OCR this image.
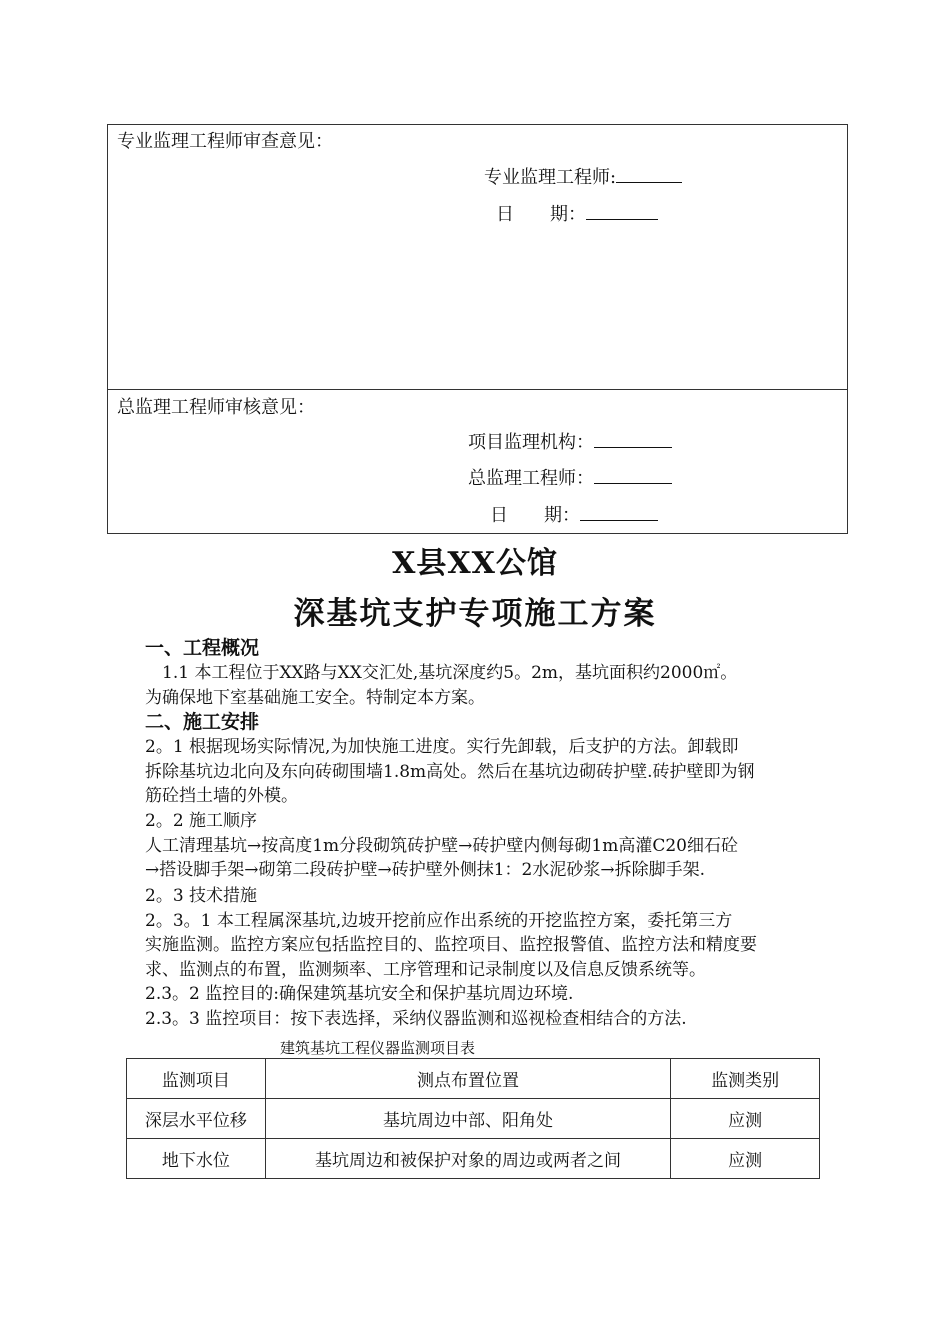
专业监理工程师审查意见：
专业监理工程师:
日　　期：
总监理工程师审核意见：
项目监理机构：
总监理工程师：
日　　期：
X县XX公馆
深基坑支护专项施工方案
一、工程概况
　1.1 本工程位于XX路与XX交汇处,基坑深度约5。2m，基坑面积约2000㎡。
为确保地下室基础施工安全。特制定本方案。
二、施工安排
2。1 根据现场实际情况,为加快施工进度。实行先卸载，后支护的方法。卸载即
拆除基坑边北向及东向砖砌围墙1.8m高处。然后在基坑边砌砖护壁.砖护壁即为钢
筋砼挡土墙的外模。
2。2 施工顺序
人工清理基坑→按高度1m分段砌筑砖护壁→砖护壁内侧每砌1m高灌C20细石砼
→搭设脚手架→砌第二段砖护壁→砖护壁外侧抹1：2水泥砂浆→拆除脚手架.
2。3 技术措施
2。3。1 本工程属深基坑,边坡开挖前应作出系统的开挖监控方案，委托第三方
实施监测。监控方案应包括监控目的、监控项目、监控报警值、监控方法和精度要
求、监测点的布置，监测频率、工序管理和记录制度以及信息反馈系统等。
2.3。2 监控目的:确保建筑基坑安全和保护基坑周边环境.
2.3。3 监控项目：按下表选择，采纳仪器监测和巡视检查相结合的方法.
建筑基坑工程仪器监测项目表
监测项目	测点布置位置	监测类别
深层水平位移	基坑周边中部、阳角处	应测
地下水位	基坑周边和被保护对象的周边或两者之间	应测
